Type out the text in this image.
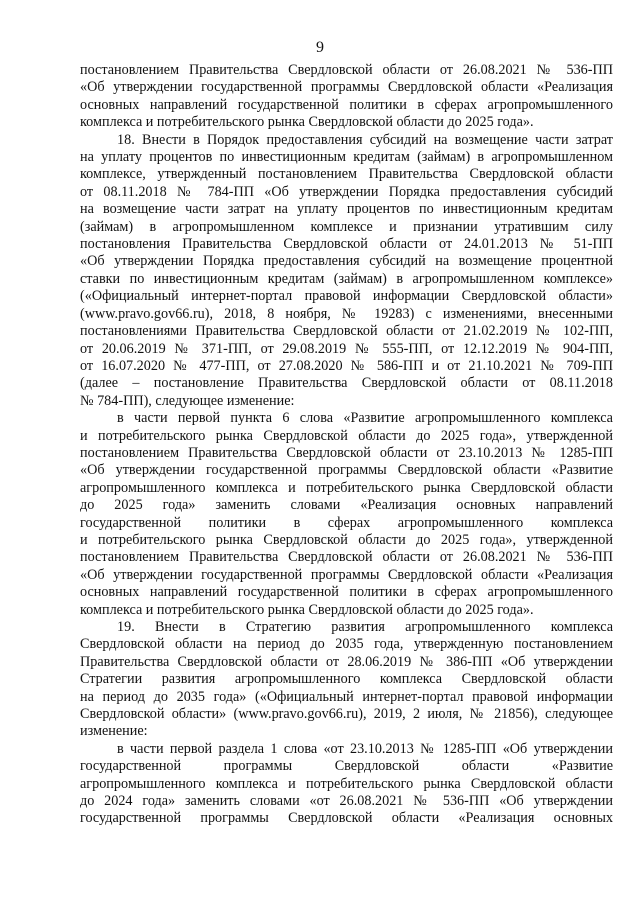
9
постановлением Правительства Свердловской области от 26.08.2021 № 536-ПП
«Об утверждении государственной программы Свердловской области «Реализация
основных направлений государственной политики в сферах агропромышленного
комплекса и потребительского рынка Свердловской области до 2025 года».
18. Внести в Порядок предоставления субсидий на возмещение части затрат
на уплату процентов по инвестиционным кредитам (займам) в агропромышленном
комплексе, утвержденный постановлением Правительства Свердловской области
от 08.11.2018 № 784-ПП «Об утверждении Порядка предоставления субсидий
на возмещение части затрат на уплату процентов по инвестиционным кредитам
(займам) в агропромышленном комплексе и признании утратившим силу
постановления Правительства Свердловской области от 24.01.2013 № 51-ПП
«Об утверждении Порядка предоставления субсидий на возмещение процентной
ставки по инвестиционным кредитам (займам) в агропромышленном комплексе»
(«Официальный интернет-портал правовой информации Свердловской области»
(www.pravo.gov66.ru), 2018, 8 ноября, № 19283) с изменениями, внесенными
постановлениями Правительства Свердловской области от 21.02.2019 № 102-ПП,
от 20.06.2019 № 371-ПП, от 29.08.2019 № 555-ПП, от 12.12.2019 № 904-ПП,
от 16.07.2020 № 477-ПП, от 27.08.2020 № 586-ПП и от 21.10.2021 № 709-ПП
(далее – постановление Правительства Свердловской области от 08.11.2018
№ 784-ПП), следующее изменение:
в части первой пункта 6 слова «Развитие агропромышленного комплекса
и потребительского рынка Свердловской области до 2025 года», утвержденной
постановлением Правительства Свердловской области от 23.10.2013 № 1285-ПП
«Об утверждении государственной программы Свердловской области «Развитие
агропромышленного комплекса и потребительского рынка Свердловской области
до 2025 года» заменить словами «Реализация основных направлений
государственной политики в сферах агропромышленного комплекса
и потребительского рынка Свердловской области до 2025 года», утвержденной
постановлением Правительства Свердловской области от 26.08.2021 № 536-ПП
«Об утверждении государственной программы Свердловской области «Реализация
основных направлений государственной политики в сферах агропромышленного
комплекса и потребительского рынка Свердловской области до 2025 года».
19. Внести в Стратегию развития агропромышленного комплекса
Свердловской области на период до 2035 года, утвержденную постановлением
Правительства Свердловской области от 28.06.2019 № 386-ПП «Об утверждении
Стратегии развития агропромышленного комплекса Свердловской области
на период до 2035 года» («Официальный интернет-портал правовой информации
Свердловской области» (www.pravo.gov66.ru), 2019, 2 июля, № 21856), следующее
изменение:
в части первой раздела 1 слова «от 23.10.2013 № 1285-ПП «Об утверждении
государственной программы Свердловской области «Развитие
агропромышленного комплекса и потребительского рынка Свердловской области
до 2024 года» заменить словами «от 26.08.2021 № 536-ПП «Об утверждении
государственной программы Свердловской области «Реализация основных
